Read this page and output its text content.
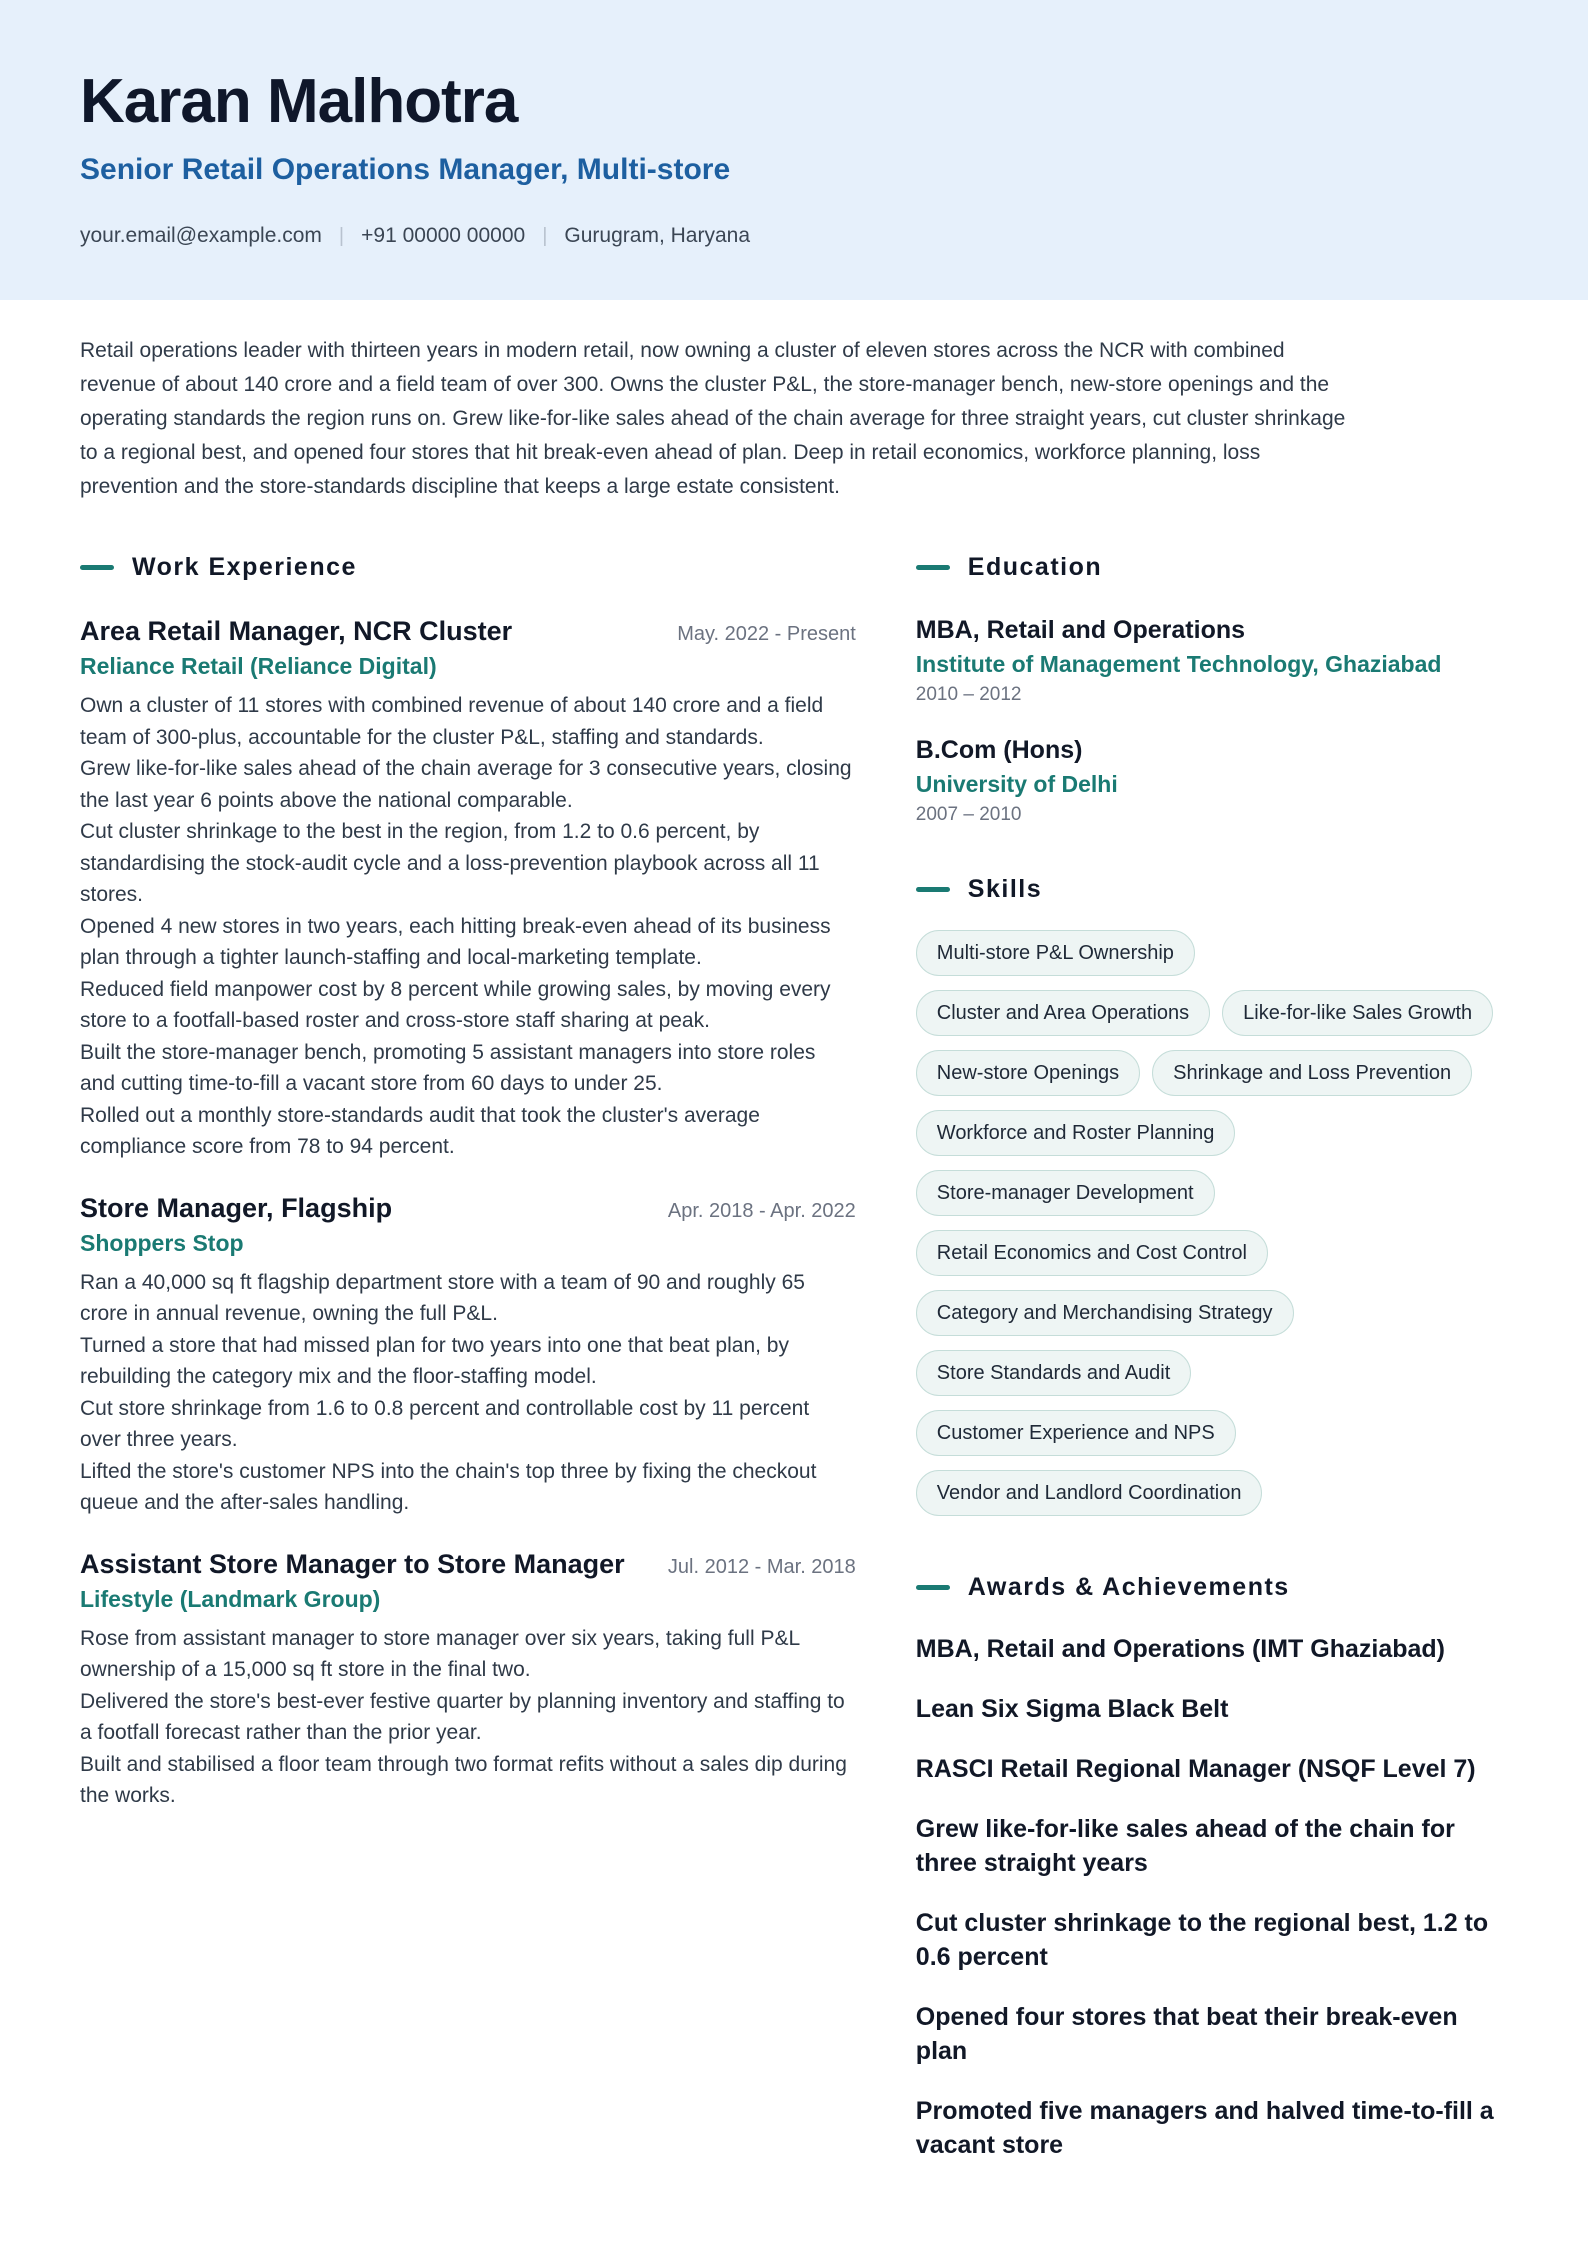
Karan Malhotra
Senior Retail Operations Manager, Multi-store
your.email@example.com | +91 00000 00000 | Gurugram, Haryana
Retail operations leader with thirteen years in modern retail, now owning a cluster of eleven stores across the NCR with combined revenue of about 140 crore and a field team of over 300. Owns the cluster P&L, the store-manager bench, new-store openings and the operating standards the region runs on. Grew like-for-like sales ahead of the chain average for three straight years, cut cluster shrinkage to a regional best, and opened four stores that hit break-even ahead of plan. Deep in retail economics, workforce planning, loss prevention and the store-standards discipline that keeps a large estate consistent.
Work Experience
Area Retail Manager, NCR Cluster	May. 2022 - Present
Reliance Retail (Reliance Digital)
Own a cluster of 11 stores with combined revenue of about 140 crore and a field team of 300-plus, accountable for the cluster P&L, staffing and standards.
Grew like-for-like sales ahead of the chain average for 3 consecutive years, closing the last year 6 points above the national comparable.
Cut cluster shrinkage to the best in the region, from 1.2 to 0.6 percent, by standardising the stock-audit cycle and a loss-prevention playbook across all 11 stores.
Opened 4 new stores in two years, each hitting break-even ahead of its business plan through a tighter launch-staffing and local-marketing template.
Reduced field manpower cost by 8 percent while growing sales, by moving every store to a footfall-based roster and cross-store staff sharing at peak.
Built the store-manager bench, promoting 5 assistant managers into store roles and cutting time-to-fill a vacant store from 60 days to under 25.
Rolled out a monthly store-standards audit that took the cluster's average compliance score from 78 to 94 percent.
Store Manager, Flagship	Apr. 2018 - Apr. 2022
Shoppers Stop
Ran a 40,000 sq ft flagship department store with a team of 90 and roughly 65 crore in annual revenue, owning the full P&L.
Turned a store that had missed plan for two years into one that beat plan, by rebuilding the category mix and the floor-staffing model.
Cut store shrinkage from 1.6 to 0.8 percent and controllable cost by 11 percent over three years.
Lifted the store's customer NPS into the chain's top three by fixing the checkout queue and the after-sales handling.
Assistant Store Manager to Store Manager Jul. 2012 - Mar. 2018
Lifestyle (Landmark Group)
Rose from assistant manager to store manager over six years, taking full P&L ownership of a 15,000 sq ft store in the final two.
Delivered the store's best-ever festive quarter by planning inventory and staffing to a footfall forecast rather than the prior year.
Built and stabilised a floor team through two format refits without a sales dip during the works.
Education
MBA, Retail and Operations
Institute of Management Technology, Ghaziabad
2010 – 2012
B.Com (Hons)
University of Delhi
2007 – 2010
Skills
Multi-store P&L Ownership
Cluster and Area Operations	Like-for-like Sales Growth
New-store Openings	Shrinkage and Loss Prevention
Workforce and Roster Planning
Store-manager Development
Retail Economics and Cost Control
Category and Merchandising Strategy
Store Standards and Audit
Customer Experience and NPS
Vendor and Landlord Coordination
Awards & Achievements
MBA, Retail and Operations (IMT Ghaziabad)
Lean Six Sigma Black Belt
RASCI Retail Regional Manager (NSQF Level 7)
Grew like-for-like sales ahead of the chain for three straight years
Cut cluster shrinkage to the regional best, 1.2 to 0.6 percent
Opened four stores that beat their break-even plan
Promoted five managers and halved time-to-fill a vacant store
